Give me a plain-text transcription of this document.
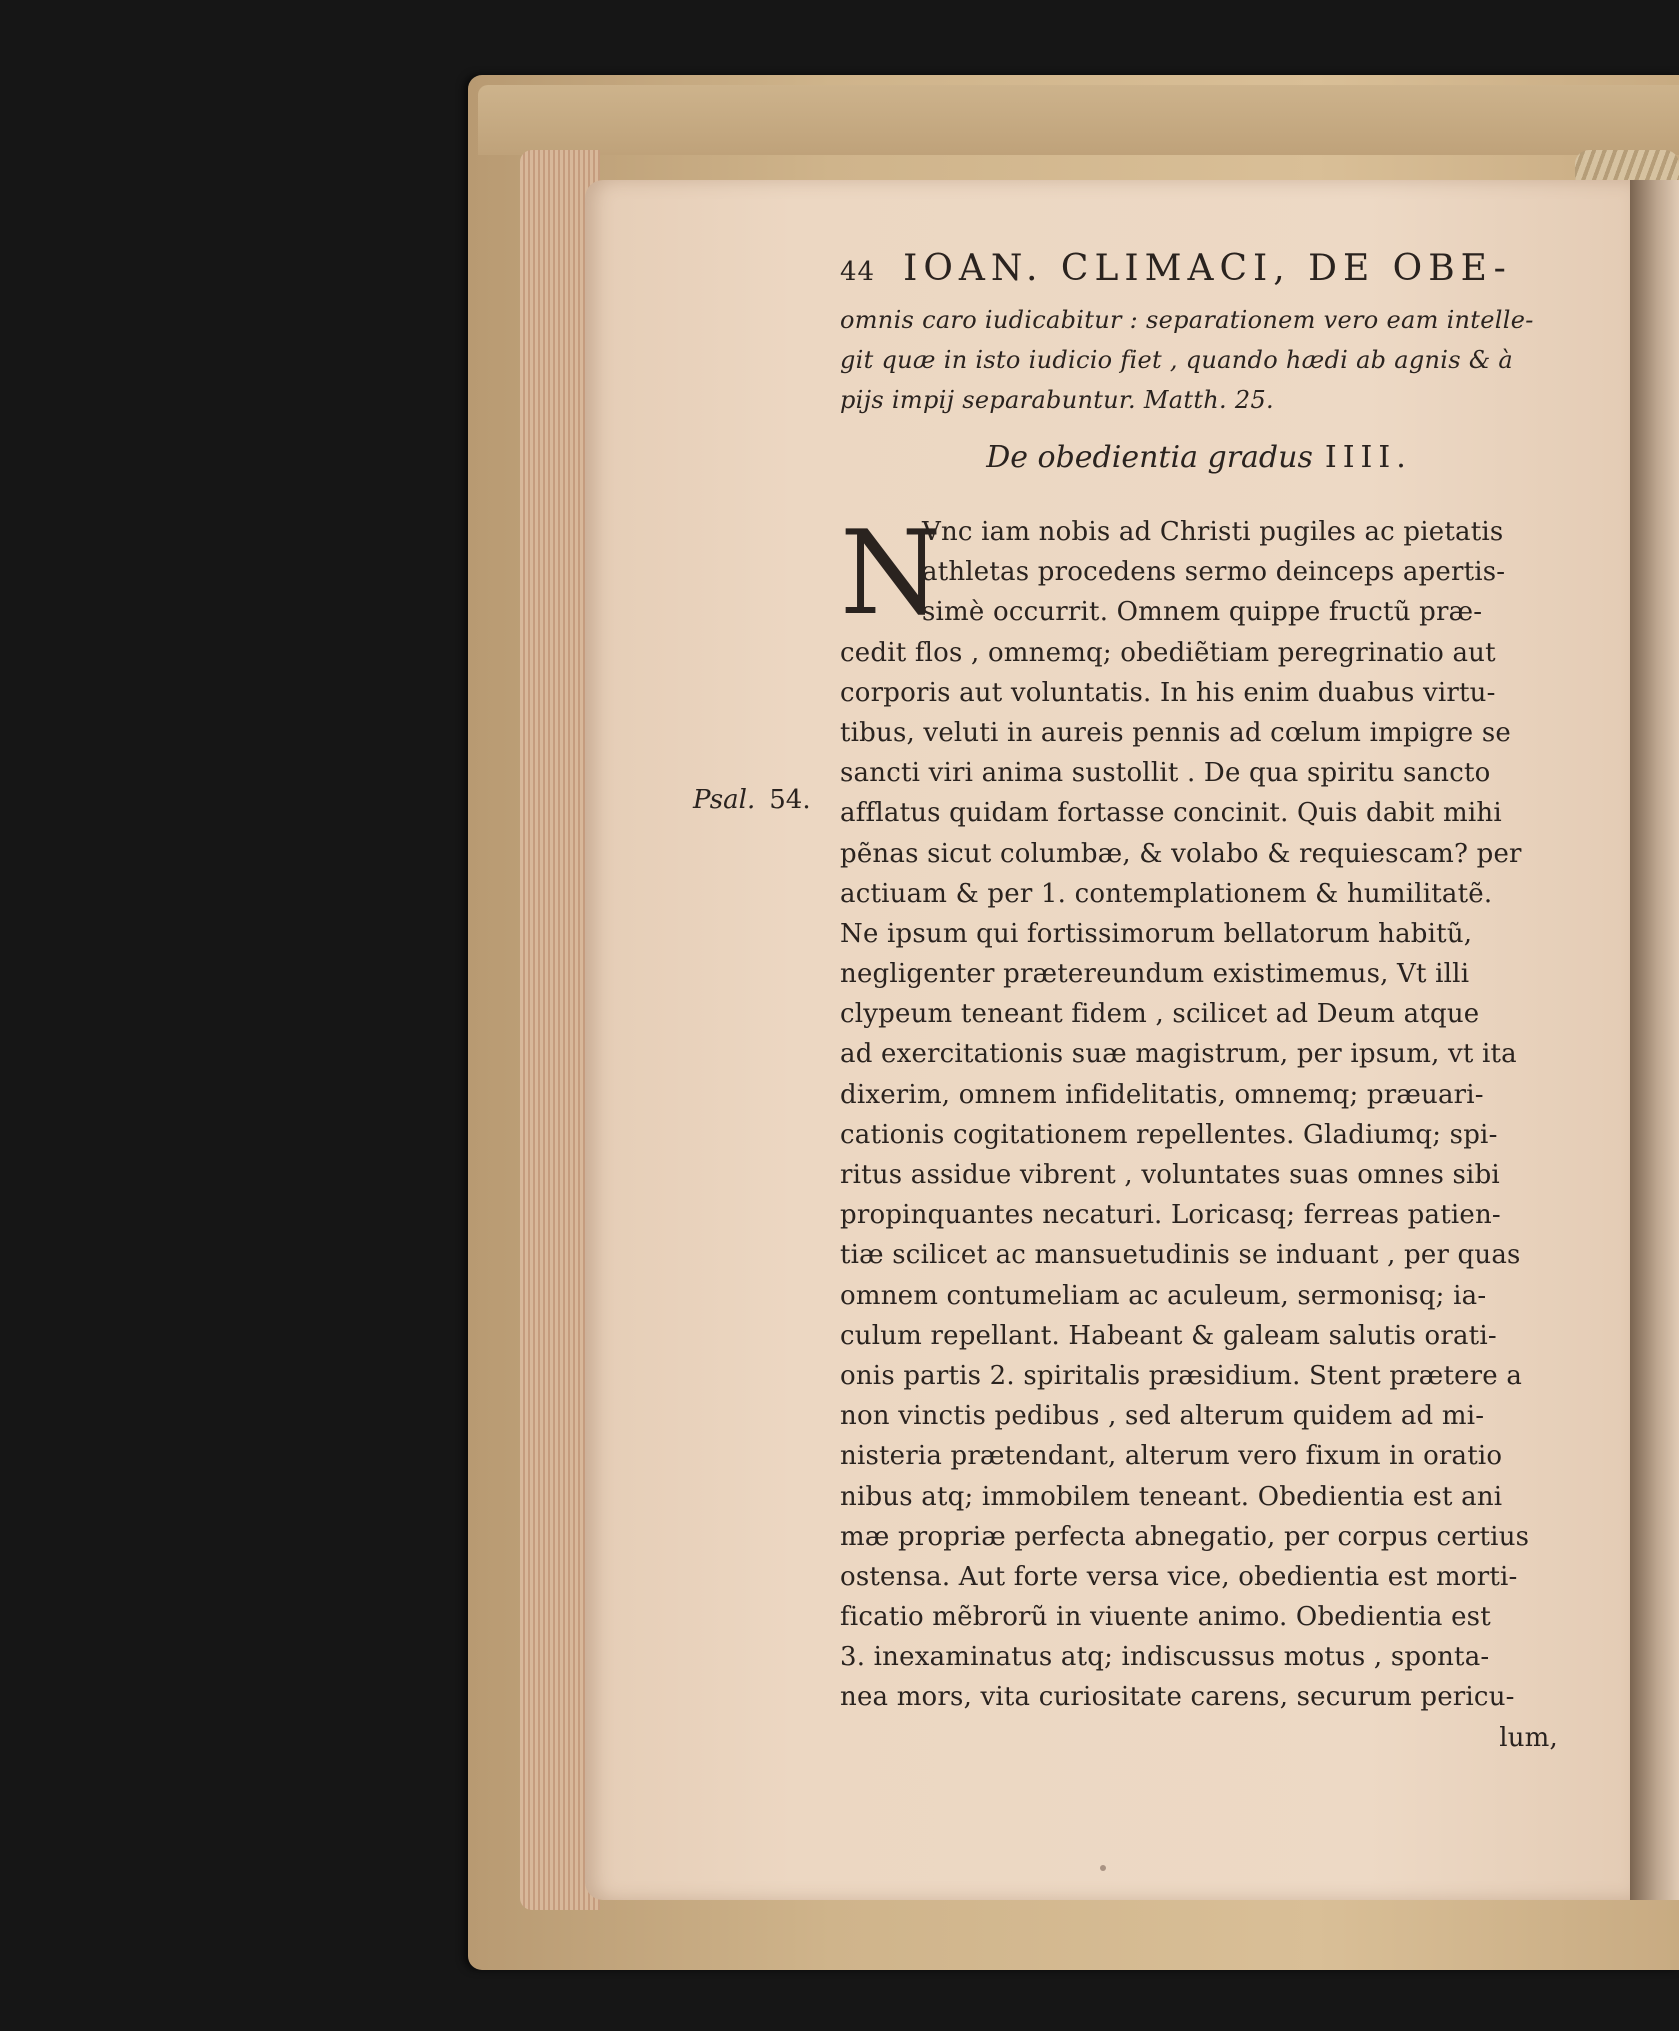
Psal. 54.
44 IOAN. CLIMACI, DE OBE-
omnis caro iudicabitur : separationem vero eam intelle-
git quæ in isto iudicio fiet , quando hædi ab agnis & à
pijs impij separabuntur. Matth. 25.
De obedientia gradus IIII.
N
Vnc iam nobis ad Christi pugiles ac pietatis
athletas procedens sermo deinceps apertis-
simè occurrit. Omnem quippe fructũ præ-
cedit flos , omnemq; obediẽtiam peregrinatio aut
corporis aut voluntatis. In his enim duabus virtu-
tibus, veluti in aureis pennis ad cœlum impigre se
sancti viri anima sustollit . De qua spiritu sancto
afflatus quidam fortasse concinit. Quis dabit mihi
pẽnas sicut columbæ, & volabo & requiescam? per
actiuam & per 1. contemplationem & humilitatẽ.
Ne ipsum qui fortissimorum bellatorum habitũ,
negligenter prætereundum existimemus, Vt illi
clypeum teneant fidem , scilicet ad Deum atque
ad exercitationis suæ magistrum, per ipsum, vt ita
dixerim, omnem infidelitatis, omnemq; præuari-
cationis cogitationem repellentes. Gladiumq; spi-
ritus assidue vibrent , voluntates suas omnes sibi
propinquantes necaturi. Loricasq; ferreas patien-
tiæ scilicet ac mansuetudinis se induant , per quas
omnem contumeliam ac aculeum, sermonisq; ia-
culum repellant. Habeant & galeam salutis orati-
onis partis 2. spiritalis præsidium. Stent prætere a
non vinctis pedibus , sed alterum quidem ad mi-
nisteria prætendant, alterum vero fixum in oratio
nibus atq; immobilem teneant. Obedientia est ani
mæ propriæ perfecta abnegatio, per corpus certius
ostensa. Aut forte versa vice, obedientia est morti-
ficatio mẽbrorũ in viuente animo. Obedientia est
3. inexaminatus atq; indiscussus motus , sponta-
nea mors, vita curiositate carens, securum pericu-
lum,
